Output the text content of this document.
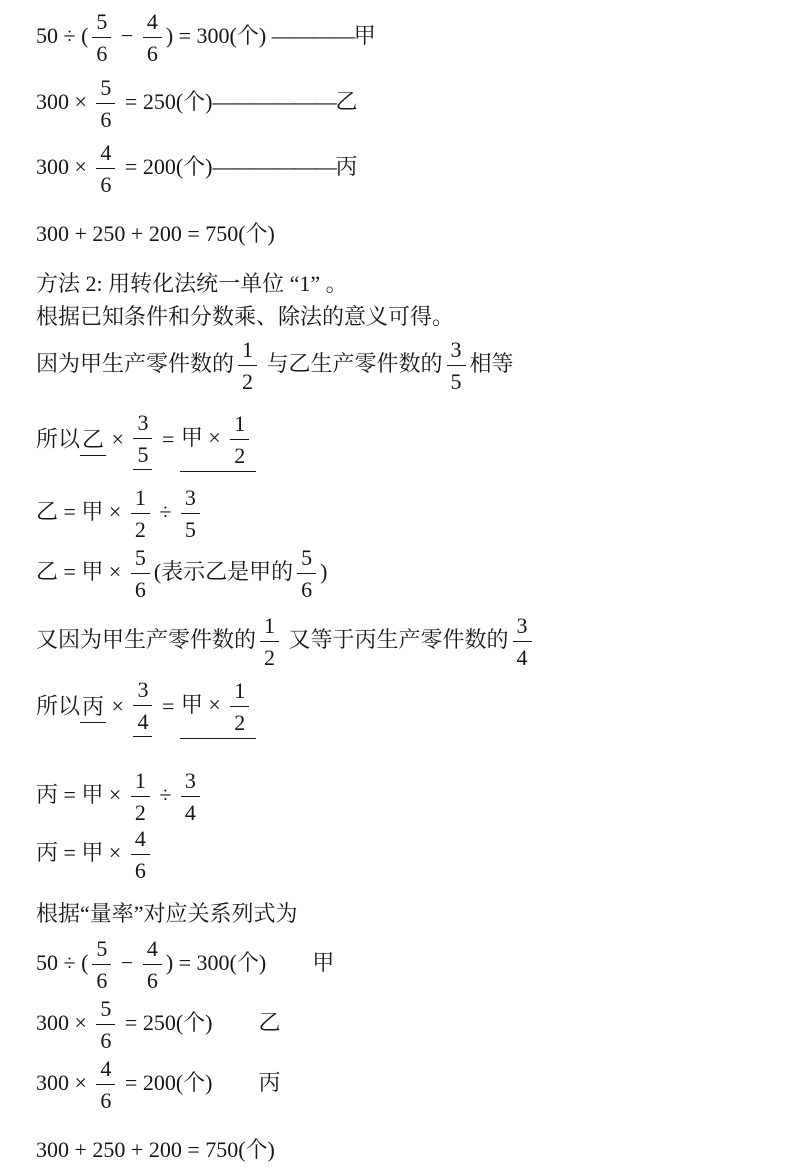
50 ÷ ( $\frac{5}{6} - \frac{4}{6}$ ) = 300(个) ————甲
$300 \times \frac{5}{6} = 250$(个)——————乙
$300 \times \frac{4}{6} = 200$(个)——————丙
300 + 250 + 200 = 750(个)
方法 2: 用转化法统一单位 “1” 。
根据已知条件和分数乘、除法的意义可得。
因为甲生产零件数的 $\frac{1}{2}$ 与乙生产零件数的 $\frac{3}{5}$ 相等
所以乙 × $\frac{3}{5}$ = 甲 × $\frac{1}{2}$
乙 = 甲 × $\frac{1}{2} \div \frac{3}{5}$
乙 = 甲 × $\frac{5}{6}$ (表示乙是甲的 $\frac{5}{6}$ )
又因为甲生产零件数的 $\frac{1}{2}$ 又等于丙生产零件数的 $\frac{3}{4}$
所以丙 × $\frac{3}{4}$ = 甲 × $\frac{1}{2}$
丙 = 甲 × $\frac{1}{2} \div \frac{3}{4}$
丙 = 甲 × $\frac{4}{6}$
根据“量率”对应关系列式为
50 ÷ ( $\frac{5}{6} - \frac{4}{6}$ ) = 300(个) 甲
$300 \times \frac{5}{6} = 250$(个) 乙
$300 \times \frac{4}{6} = 200$(个) 丙
300 + 250 + 200 = 750(个)
